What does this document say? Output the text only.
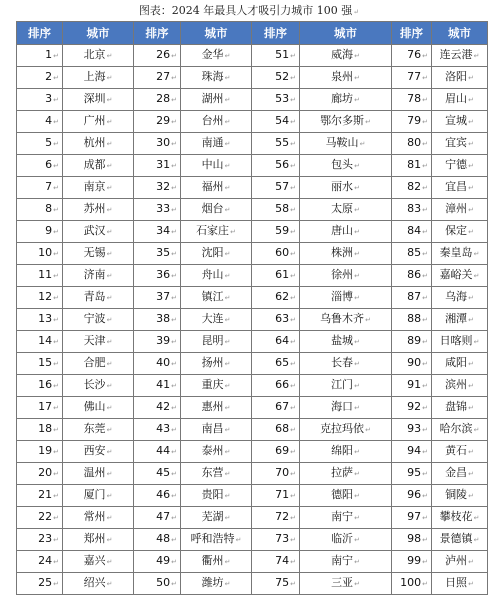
图表：2024 年最具人才吸引力城市 100 强↵
排序	城市	排序	城市	排序	城市	排序	城市
1↵	北京↵	26↵	金华↵	51↵	威海↵	76↵	连云港↵
2↵	上海↵	27↵	珠海↵	52↵	泉州↵	77↵	洛阳↵
3↵	深圳↵	28↵	湖州↵	53↵	廊坊↵	78↵	眉山↵
4↵	广州↵	29↵	台州↵	54↵	鄂尔多斯↵	79↵	宣城↵
5↵	杭州↵	30↵	南通↵	55↵	马鞍山↵	80↵	宜宾↵
6↵	成都↵	31↵	中山↵	56↵	包头↵	81↵	宁德↵
7↵	南京↵	32↵	福州↵	57↵	丽水↵	82↵	宜昌↵
8↵	苏州↵	33↵	烟台↵	58↵	太原↵	83↵	漳州↵
9↵	武汉↵	34↵	石家庄↵	59↵	唐山↵	84↵	保定↵
10↵	无锡↵	35↵	沈阳↵	60↵	株洲↵	85↵	秦皇岛↵
11↵	济南↵	36↵	舟山↵	61↵	徐州↵	86↵	嘉峪关↵
12↵	青岛↵	37↵	镇江↵	62↵	淄博↵	87↵	乌海↵
13↵	宁波↵	38↵	大连↵	63↵	乌鲁木齐↵	88↵	湘潭↵
14↵	天津↵	39↵	昆明↵	64↵	盐城↵	89↵	日喀则↵
15↵	合肥↵	40↵	扬州↵	65↵	长春↵	90↵	咸阳↵
16↵	长沙↵	41↵	重庆↵	66↵	江门↵	91↵	滨州↵
17↵	佛山↵	42↵	惠州↵	67↵	海口↵	92↵	盘锦↵
18↵	东莞↵	43↵	南昌↵	68↵	克拉玛依↵	93↵	哈尔滨↵
19↵	西安↵	44↵	泰州↵	69↵	绵阳↵	94↵	黄石↵
20↵	温州↵	45↵	东营↵	70↵	拉萨↵	95↵	金昌↵
21↵	厦门↵	46↵	贵阳↵	71↵	德阳↵	96↵	铜陵↵
22↵	常州↵	47↵	芜湖↵	72↵	南宁↵	97↵	攀枝花↵
23↵	郑州↵	48↵	呼和浩特↵	73↵	临沂↵	98↵	景德镇↵
24↵	嘉兴↵	49↵	衢州↵	74↵	南宁↵	99↵	泸州↵
25↵	绍兴↵	50↵	潍坊↵	75↵	三亚↵	100↵	日照↵
